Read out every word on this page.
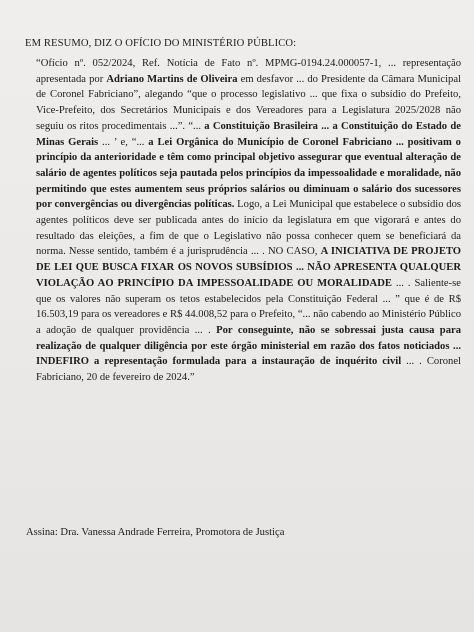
EM RESUMO, DIZ O OFÍCIO DO MINISTÉRIO PÚBLICO:
“Ofício nº. 052/2024, Ref. Notícia de Fato nº. MPMG-0194.24.000057-1, ... representação apresentada por Adriano Martins de Oliveira em desfavor ... do Presidente da Câmara Municipal de Coronel Fabriciano”, alegando “que o processo legislativo ... que fixa o subsídio do Prefeito, Vice-Prefeito, dos Secretários Municipais e dos Vereadores para a Legislatura 2025/2028 não seguiu os ritos procedimentais ...”. “... a Constituição Brasileira ... a Constituição do Estado de Minas Gerais ... ’ e, “... a Lei Orgânica do Município de Coronel Fabriciano ... positivam o princípio da anterioridade e têm como principal objetivo assegurar que eventual alteração de salário de agentes políticos seja pautada pelos princípios da impessoalidade e moralidade, não permitindo que estes aumentem seus próprios salários ou diminuam o salário dos sucessores por convergências ou divergências políticas. Logo, a Lei Municipal que estabelece o subsídio dos agentes políticos deve ser publicada antes do início da legislatura em que vigorará e antes do resultado das eleições, a fim de que o Legislativo não possa conhecer quem se beneficiará da norma. Nesse sentido, também é a jurisprudência ... . NO CASO, A INICIATIVA DE PROJETO DE LEI QUE BUSCA FIXAR OS NOVOS SUBSÍDIOS ... NÃO APRESENTA QUALQUER VIOLAÇÃO AO PRINCÍPIO DA IMPESSOALIDADE OU MORALIDADE ... . Saliente-se que os valores não superam os tetos estabelecidos pela Constituição Federal ... ” que é de R$ 16.503,19 para os vereadores e R$ 44.008,52 para o Prefeito, “... não cabendo ao Ministério Público a adoção de qualquer providência ... . Por conseguinte, não se sobressai justa causa para realização de qualquer diligência por este órgão ministerial em razão dos fatos noticiados ... INDEFIRO a representação formulada para a instauração de inquérito civil ... . Coronel Fabriciano, 20 de fevereiro de 2024.”
Assina: Dra. Vanessa Andrade Ferreira, Promotora de Justiça
